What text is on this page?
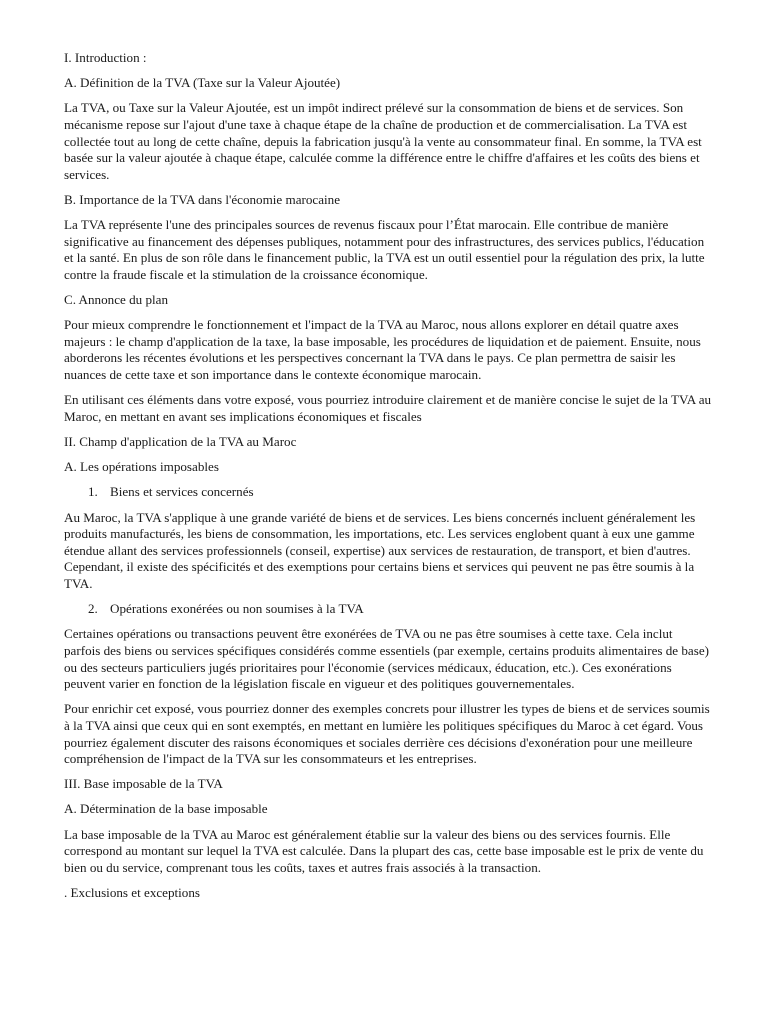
I. Introduction :

A. Définition de la TVA (Taxe sur la Valeur Ajoutée)

La TVA, ou Taxe sur la Valeur Ajoutée, est un impôt indirect prélevé sur la consommation de biens et de services. Son mécanisme repose sur l'ajout d'une taxe à chaque étape de la chaîne de production et de commercialisation. La TVA est collectée tout au long de cette chaîne, depuis la fabrication jusqu'à la vente au consommateur final. En somme, la TVA est basée sur la valeur ajoutée à chaque étape, calculée comme la différence entre le chiffre d'affaires et les coûts des biens et services.

B. Importance de la TVA dans l'économie marocaine

La TVA représente l'une des principales sources de revenus fiscaux pour l’État marocain. Elle contribue de manière significative au financement des dépenses publiques, notamment pour des infrastructures, des services publics, l'éducation et la santé. En plus de son rôle dans le financement public, la TVA est un outil essentiel pour la régulation des prix, la lutte contre la fraude fiscale et la stimulation de la croissance économique.

C. Annonce du plan

Pour mieux comprendre le fonctionnement et l'impact de la TVA au Maroc, nous allons explorer en détail quatre axes majeurs : le champ d'application de la taxe, la base imposable, les procédures de liquidation et de paiement. Ensuite, nous aborderons les récentes évolutions et les perspectives concernant la TVA dans le pays. Ce plan permettra de saisir les nuances de cette taxe et son importance dans le contexte économique marocain.

En utilisant ces éléments dans votre exposé, vous pourriez introduire clairement et de manière concise le sujet de la TVA au Maroc, en mettant en avant ses implications économiques et fiscales

II. Champ d'application de la TVA au Maroc

A. Les opérations imposables

1. Biens et services concernés

Au Maroc, la TVA s'applique à une grande variété de biens et de services. Les biens concernés incluent généralement les produits manufacturés, les biens de consommation, les importations, etc. Les services englobent quant à eux une gamme étendue allant des services professionnels (conseil, expertise) aux services de restauration, de transport, et bien d'autres. Cependant, il existe des spécificités et des exemptions pour certains biens et services qui peuvent ne pas être soumis à la TVA.

2. Opérations exonérées ou non soumises à la TVA

Certaines opérations ou transactions peuvent être exonérées de TVA ou ne pas être soumises à cette taxe. Cela inclut parfois des biens ou services spécifiques considérés comme essentiels (par exemple, certains produits alimentaires de base) ou des secteurs particuliers jugés prioritaires pour l'économie (services médicaux, éducation, etc.). Ces exonérations peuvent varier en fonction de la législation fiscale en vigueur et des politiques gouvernementales.

Pour enrichir cet exposé, vous pourriez donner des exemples concrets pour illustrer les types de biens et de services soumis à la TVA ainsi que ceux qui en sont exemptés, en mettant en lumière les politiques spécifiques du Maroc à cet égard. Vous pourriez également discuter des raisons économiques et sociales derrière ces décisions d'exonération pour une meilleure compréhension de l'impact de la TVA sur les consommateurs et les entreprises.

III. Base imposable de la TVA

A. Détermination de la base imposable

La base imposable de la TVA au Maroc est généralement établie sur la valeur des biens ou des services fournis. Elle correspond au montant sur lequel la TVA est calculée. Dans la plupart des cas, cette base imposable est le prix de vente du bien ou du service, comprenant tous les coûts, taxes et autres frais associés à la transaction.

. Exclusions et exceptions
